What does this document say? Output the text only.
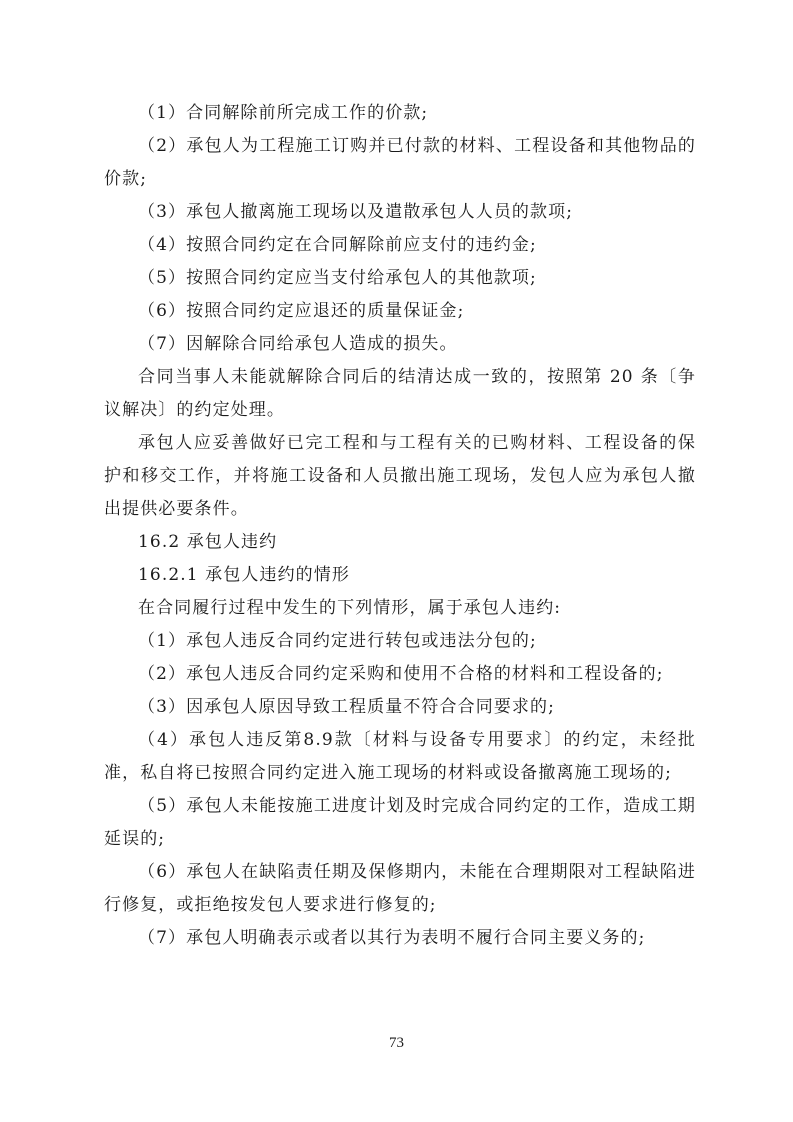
（1）合同解除前所完成工作的价款;

（2）承包人为工程施工订购并已付款的材料、工程设备和其他物品的价款;

（3）承包人撤离施工现场以及遣散承包人人员的款项;

（4）按照合同约定在合同解除前应支付的违约金;

（5）按照合同约定应当支付给承包人的其他款项;

（6）按照合同约定应退还的质量保证金;

（7）因解除合同给承包人造成的损失。

合同当事人未能就解除合同后的结清达成一致的，按照第 20 条〔争议解决〕的约定处理。

承包人应妥善做好已完工程和与工程有关的已购材料、工程设备的保护和移交工作，并将施工设备和人员撤出施工现场，发包人应为承包人撤出提供必要条件。

16.2 承包人违约

16.2.1 承包人违约的情形

在合同履行过程中发生的下列情形，属于承包人违约:

（1）承包人违反合同约定进行转包或违法分包的;

（2）承包人违反合同约定采购和使用不合格的材料和工程设备的;

（3）因承包人原因导致工程质量不符合合同要求的;

（4）承包人违反第8.9款〔材料与设备专用要求〕的约定，未经批准，私自将已按照合同约定进入施工现场的材料或设备撤离施工现场的;

（5）承包人未能按施工进度计划及时完成合同约定的工作，造成工期延误的;

（6）承包人在缺陷责任期及保修期内，未能在合理期限对工程缺陷进行修复，或拒绝按发包人要求进行修复的;

（7）承包人明确表示或者以其行为表明不履行合同主要义务的;

73
